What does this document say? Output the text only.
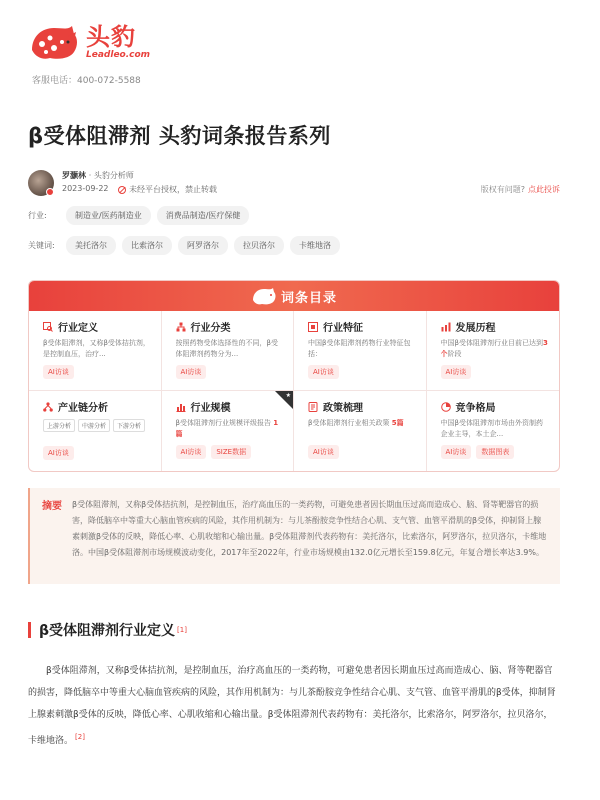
头豹
Leadleo.com
客服电话：400-072-5588
β受体阻滞剂 头豹词条报告系列
罗灏林 · 头豹分析师
2023-09-22	未经平台授权，禁止转载	版权有问题? 点此投诉
行业:	制造业/医药制造业	消费品制造/医疗保健
关键词:	美托洛尔	比索洛尔	阿罗洛尔	拉贝洛尔	卡维地洛
词条目录
行业定义
β受体阻滞剂，又称β受体拮抗剂，是控制血压，治疗...
AI访谈
行业分类
按照药物受体选择性的不同，β受体阻滞剂药物分为...
AI访谈
行业特征
中国β受体阻滞剂药物行业特征包括：
AI访谈
发展历程
中国β受体阻滞剂行业目前已达到3个阶段
AI访谈
产业链分析
上游分析	中游分析	下游分析
AI访谈
★
行业规模
β受体阻滞剂行业规模评级报告 1篇
AI访谈	SIZE数据
政策梳理
β受体阻滞剂行业相关政策 5篇
AI访谈
竞争格局
中国β受体阻滞剂市场由外资制药企业主导，本土企...
AI访谈	数据图表
摘要	β受体阻滞剂，又称β受体拮抗剂，是控制血压，治疗高血压的一类药物，可避免患者因长期血压过高而造成心、脑、肾等靶器官的损害，降低脑卒中等重大心脑血管疾病的风险，其作用机制为：与儿茶酚胺竞争性结合心肌、支气管、血管平滑肌的β受体，抑制肾上腺素刺激β受体的反映，降低心率、心肌收缩和心输出量。β受体阻滞剂代表药物有：美托洛尔，比索洛尔，阿罗洛尔，拉贝洛尔，卡维地洛。中国β受体阻滞剂市场规模波动变化，2017年至2022年，行业市场规模由132.0亿元增长至159.8亿元，年复合增长率达3.9%。

β受体阻滞剂行业定义 [1]

β受体阻滞剂，又称β受体拮抗剂，是控制血压，治疗高血压的一类药物，可避免患者因长期血压过高而造成心、脑、肾等靶器官的损害，降低脑卒中等重大心脑血管疾病的风险，其作用机制为：与儿茶酚胺竞争性结合心肌、支气管、血管平滑肌的β受体，抑制肾上腺素刺激β受体的反映，降低心率、心肌收缩和心输出量。β受体阻滞剂代表药物有：美托洛尔，比索洛尔，阿罗洛尔，拉贝洛尔，卡维地洛。 [2]
